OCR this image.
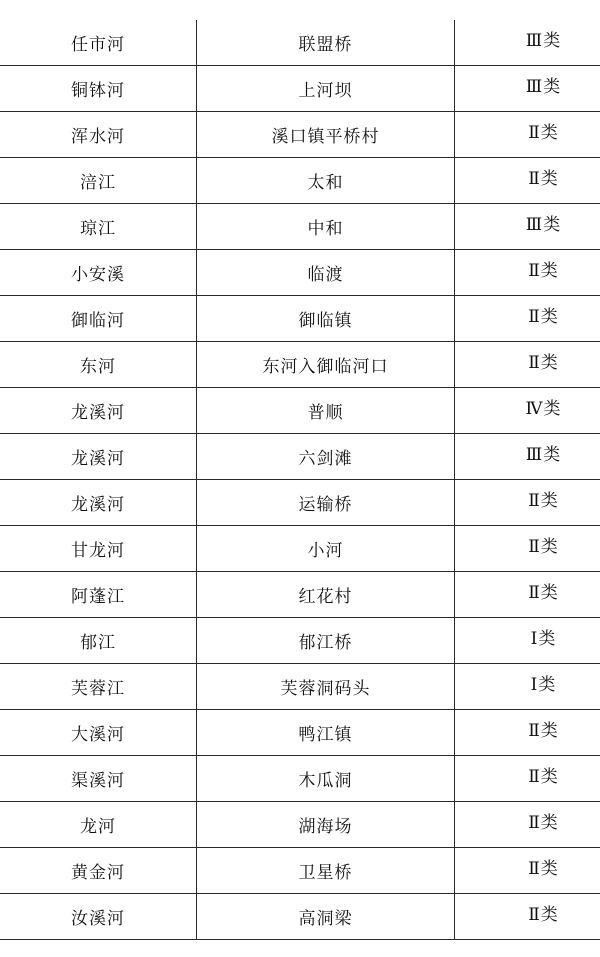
任市河	联盟桥	Ⅲ类
铜钵河	上河坝	Ⅲ类
浑水河	溪口镇平桥村	Ⅱ类
涪江	太和	Ⅱ类
琼江	中和	Ⅲ类
小安溪	临渡	Ⅱ类
御临河	御临镇	Ⅱ类
东河	东河入御临河口	Ⅱ类
龙溪河	普顺	Ⅳ类
龙溪河	六剑滩	Ⅲ类
龙溪河	运输桥	Ⅱ类
甘龙河	小河	Ⅱ类
阿蓬江	红花村	Ⅱ类
郁江	郁江桥	Ⅰ类
芙蓉江	芙蓉洞码头	Ⅰ类
大溪河	鸭江镇	Ⅱ类
渠溪河	木瓜洞	Ⅱ类
龙河	湖海场	Ⅱ类
黄金河	卫星桥	Ⅱ类
汝溪河	高洞梁	Ⅱ类
